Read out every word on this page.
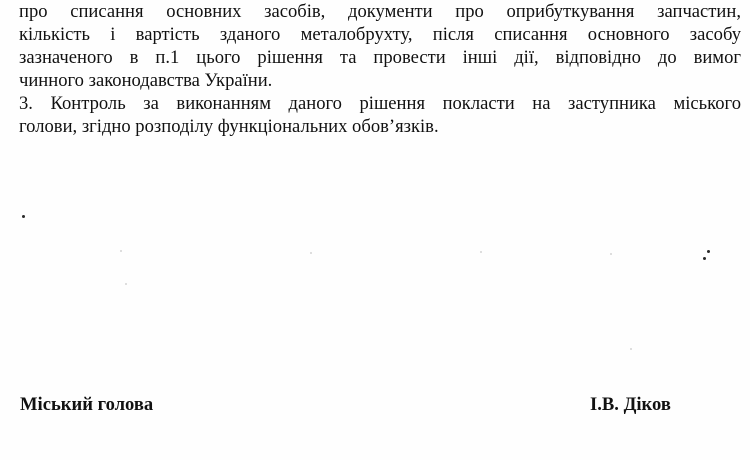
про списання основних засобів, документи про оприбуткування запчастин,
кількість і вартість зданого металобрухту, після списання основного засобу
зазначеного в п.1 цього рішення та провести інші дії, відповідно до вимог
чинного законодавства України.

3. Контроль за виконанням даного рішення покласти на заступника міського
голови, згідно розподілу функціональних обов’язків.

Міський голова	І.В. Діков
